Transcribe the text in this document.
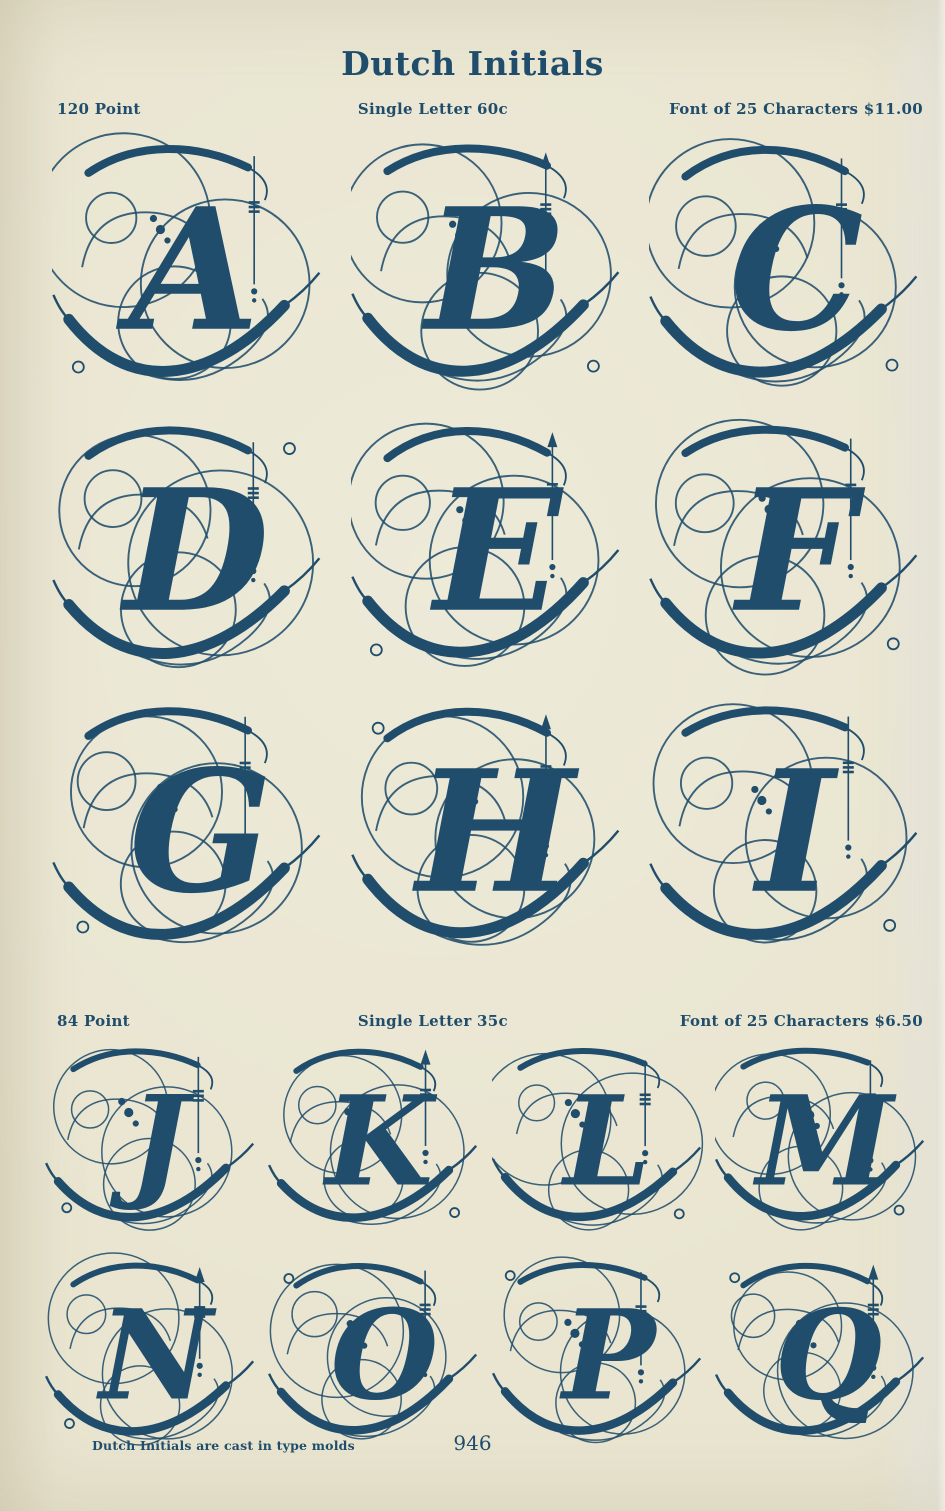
Dutch Initials
120 Point	Single Letter 60c	Font of 25 Characters $11.00
A B C
D E F
G H I
84 Point	Single Letter 35c	Font of 25 Characters $6.50
J K L M
N O P Q
Dutch Initials are cast in type molds	946
